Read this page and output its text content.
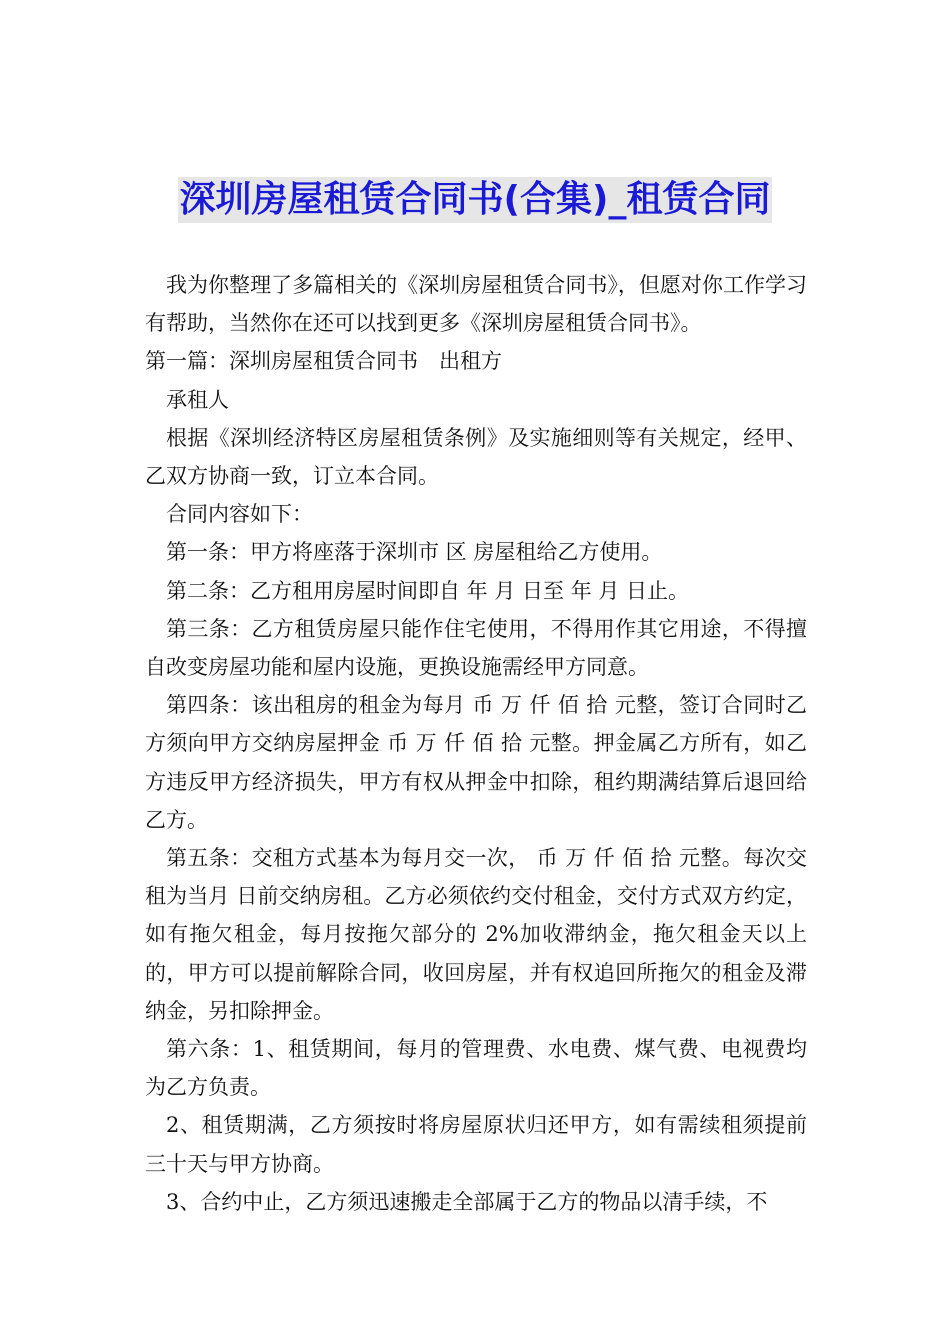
深圳房屋租赁合同书(合集)_租赁合同

我为你整理了多篇相关的《深圳房屋租赁合同书》，但愿对你工作学习有帮助，当然你在还可以找到更多《深圳房屋租赁合同书》。

第一篇：深圳房屋租赁合同书　出租方

承租人

根据《深圳经济特区房屋租赁条例》及实施细则等有关规定，经甲、乙双方协商一致，订立本合同。

合同内容如下：

第一条：甲方将座落于深圳市 区 房屋租给乙方使用。

第二条：乙方租用房屋时间即自 年 月 日至 年 月 日止。

第三条：乙方租赁房屋只能作住宅使用，不得用作其它用途，不得擅自改变房屋功能和屋内设施，更换设施需经甲方同意。

第四条：该出租房的租金为每月 币 万 仟 佰 拾 元整，签订合同时乙方须向甲方交纳房屋押金 币 万 仟 佰 拾 元整。押金属乙方所有，如乙方违反甲方经济损失，甲方有权从押金中扣除，租约期满结算后退回给乙方。

第五条：交租方式基本为每月交一次， 币 万 仟 佰 拾 元整。每次交租为当月 日前交纳房租。乙方必须依约交付租金，交付方式双方约定，如有拖欠租金，每月按拖欠部分的 2%加收滞纳金，拖欠租金天以上的，甲方可以提前解除合同，收回房屋，并有权追回所拖欠的租金及滞纳金，另扣除押金。

第六条：1、租赁期间，每月的管理费、水电费、煤气费、电视费均为乙方负责。

2、租赁期满，乙方须按时将房屋原状归还甲方，如有需续租须提前三十天与甲方协商。

3、合约中止，乙方须迅速搬走全部属于乙方的物品以清手续，不
